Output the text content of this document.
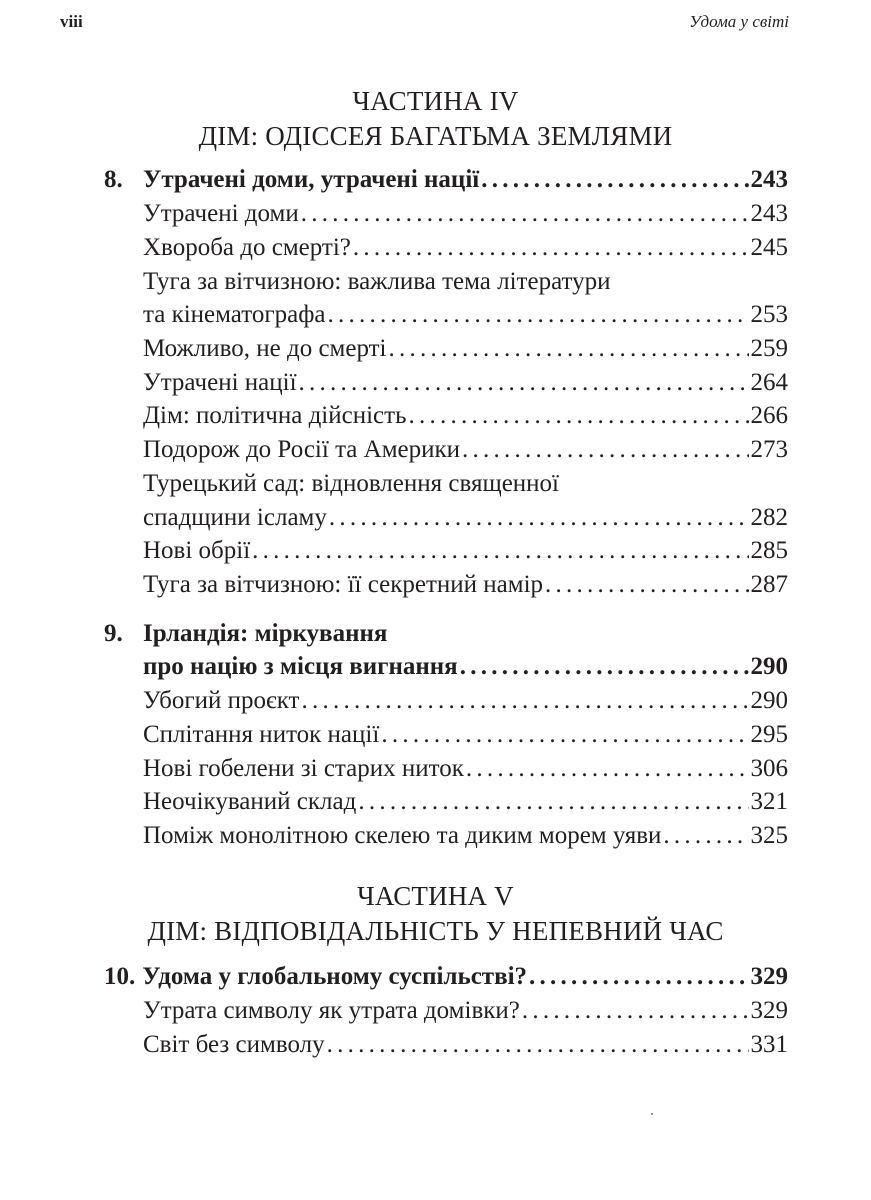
viii	Удома у світі
ЧАСТИНА IV
ДІМ: ОДІССЕЯ БАГАТЬМА ЗЕМЛЯМИ
8. Утрачені доми, утрачені нації . . .	243
Утрачені доми . . .	243
Хвороба до смерті? . . .	245
Туга за вітчизною: важлива тема літератури
та кінематографа . . .	253
Можливо, не до смерті . . .	259
Утрачені нації . . .	264
Дім: політична дійсність . . .	266
Подорож до Росії та Америки . . .	273
Турецький сад: відновлення священної
спадщини ісламу . . .	282
Нові обрії . . .	285
Туга за вітчизною: її секретний намір . . .	287
9. Ірландія: міркування
про націю з місця вигнання . . .	290
Убогий проєкт . . .	290
Сплітання ниток нації . . .	295
Нові гобелени зі старих ниток . . .	306
Неочікуваний склад . . .	321
Поміж монолітною скелею та диким морем уяви . . .	325
ЧАСТИНА V
ДІМ: ВІДПОВІДАЛЬНІСТЬ У НЕПЕВНИЙ ЧАС
10. Удома у глобальному суспільстві? . . .	329
Утрата символу як утрата домівки? . . .	329
Світ без символу . . .	331
